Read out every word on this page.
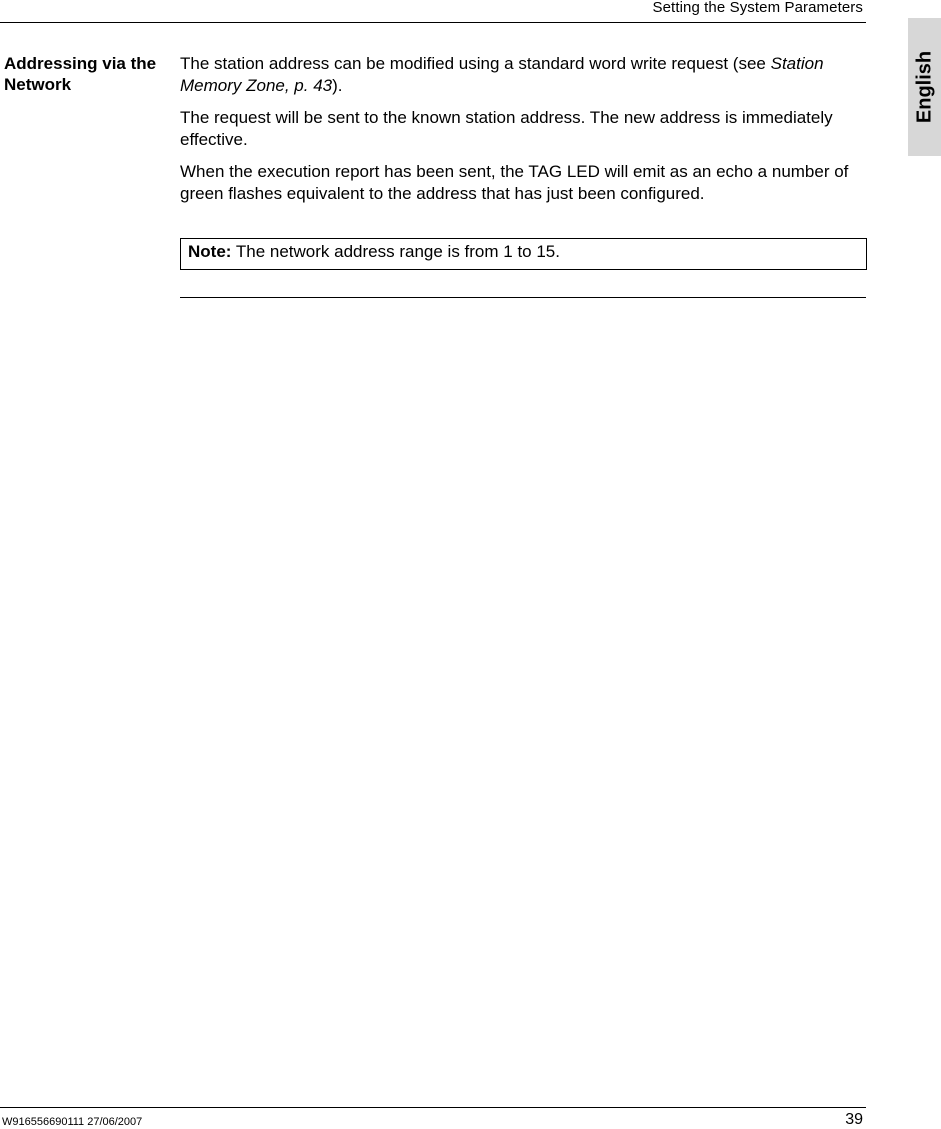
Setting the System Parameters
English
Addressing via the Network

The station address can be modified using a standard word write request (see Station Memory Zone, p. 43).

The request will be sent to the known station address. The new address is immediately effective.

When the execution report has been sent, the TAG LED will emit as an echo a number of green flashes equivalent to the address that has just been configured.

Note: The network address range is from 1 to 15.
W916556690111 27/06/2007	39
